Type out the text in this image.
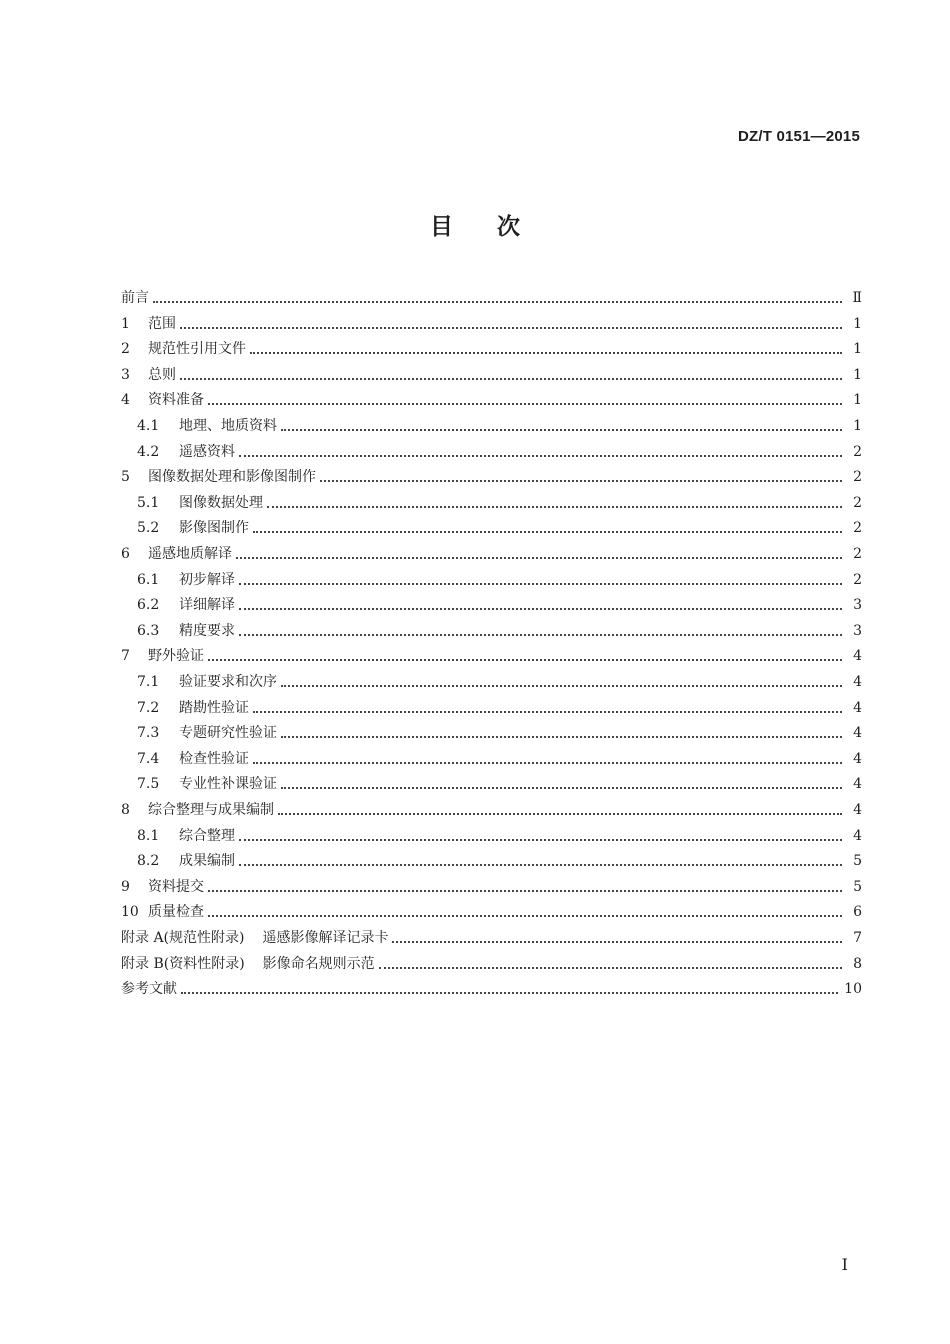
DZ/T 0151—2015
目 次
前言	Ⅱ
1	范围	1
2	规范性引用文件	1
3	总则	1
4	资料准备	1
4.1	地理、地质资料	1
4.2	遥感资料	2
5	图像数据处理和影像图制作	2
5.1	图像数据处理	2
5.2	影像图制作	2
6	遥感地质解译	2
6.1	初步解译	2
6.2	详细解译	3
6.3	精度要求	3
7	野外验证	4
7.1	验证要求和次序	4
7.2	踏勘性验证	4
7.3	专题研究性验证	4
7.4	检查性验证	4
7.5	专业性补课验证	4
8	综合整理与成果编制	4
8.1	综合整理	4
8.2	成果编制	5
9	资料提交	5
10 质量检查	6
附录 A(规范性附录) 遥感影像解译记录卡	7
附录 B(资料性附录) 影像命名规则示范	8
参考文献	10
Ⅰ
